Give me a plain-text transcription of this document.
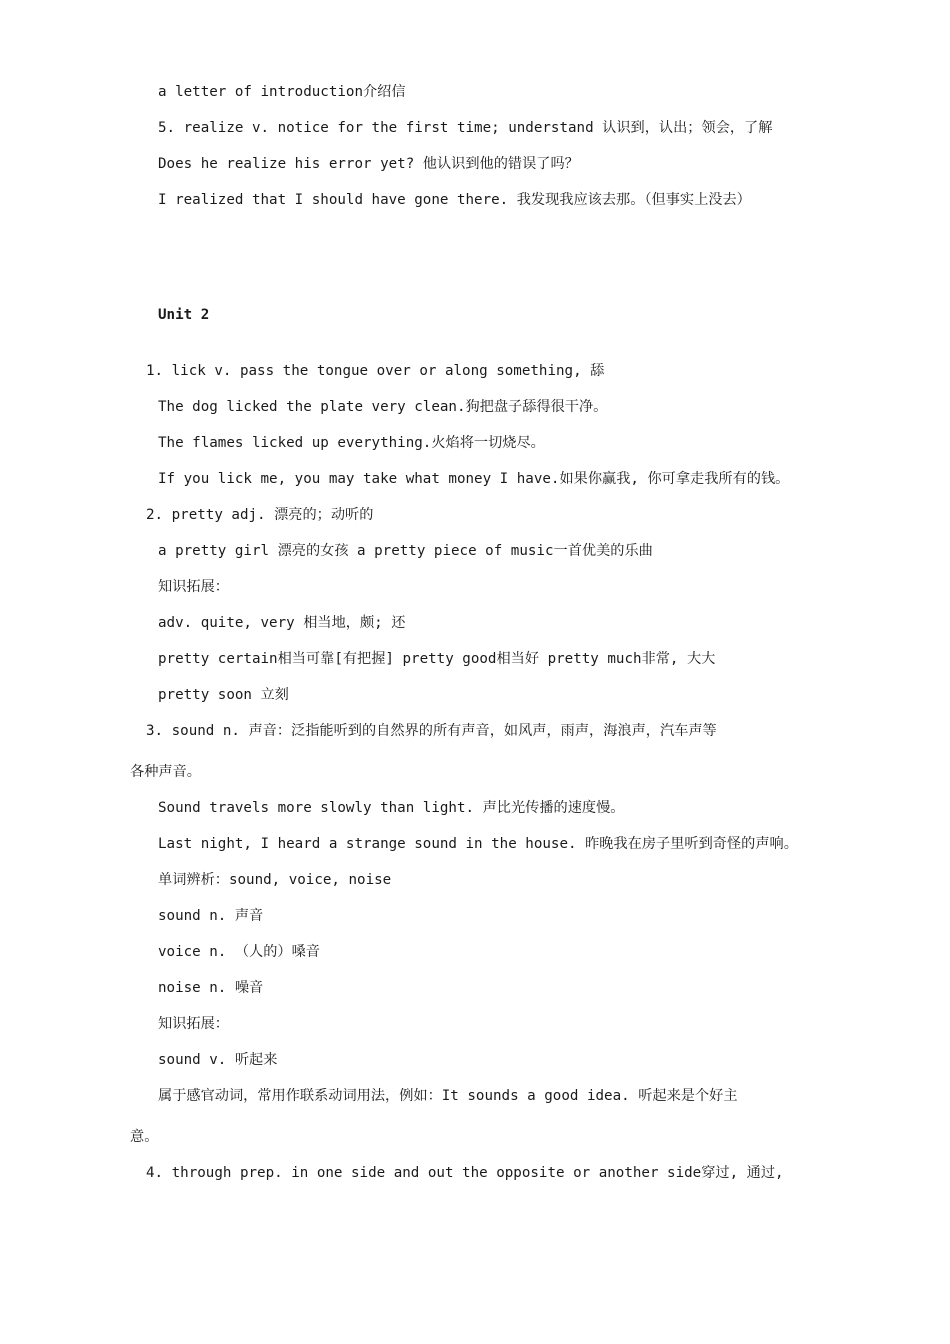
a letter of introduction介绍信
5. realize v. notice for the first time; understand 认识到，认出；领会，了解
Does he realize his error yet? 他认识到他的错误了吗？
I realized that I should have gone there. 我发现我应该去那。（但事实上没去）
Unit 2
1. lick v. pass the tongue over or along something, 舔
The dog licked the plate very clean.狗把盘子舔得很干净。
The flames licked up everything.火焰将一切烧尽。
If you lick me, you may take what money I have.如果你赢我, 你可拿走我所有的钱。
2. pretty adj. 漂亮的；动听的
a pretty girl 漂亮的女孩 a pretty piece of music一首优美的乐曲
知识拓展：
adv. quite, very 相当地，颇; 还
pretty certain相当可靠[有把握] pretty good相当好 pretty much非常, 大大
pretty soon 立刻
3. sound n. 声音：泛指能听到的自然界的所有声音，如风声，雨声，海浪声，汽车声等
各种声音。
Sound travels more slowly than light. 声比光传播的速度慢。
Last night, I heard a strange sound in the house. 昨晚我在房子里听到奇怪的声响。
单词辨析：sound, voice, noise
sound n. 声音
voice n. （人的）嗓音
noise n. 噪音
知识拓展：
sound v. 听起来
属于感官动词，常用作联系动词用法，例如：It sounds a good idea. 听起来是个好主
意。
4. through prep. in one side and out the opposite or another side穿过, 通过,
